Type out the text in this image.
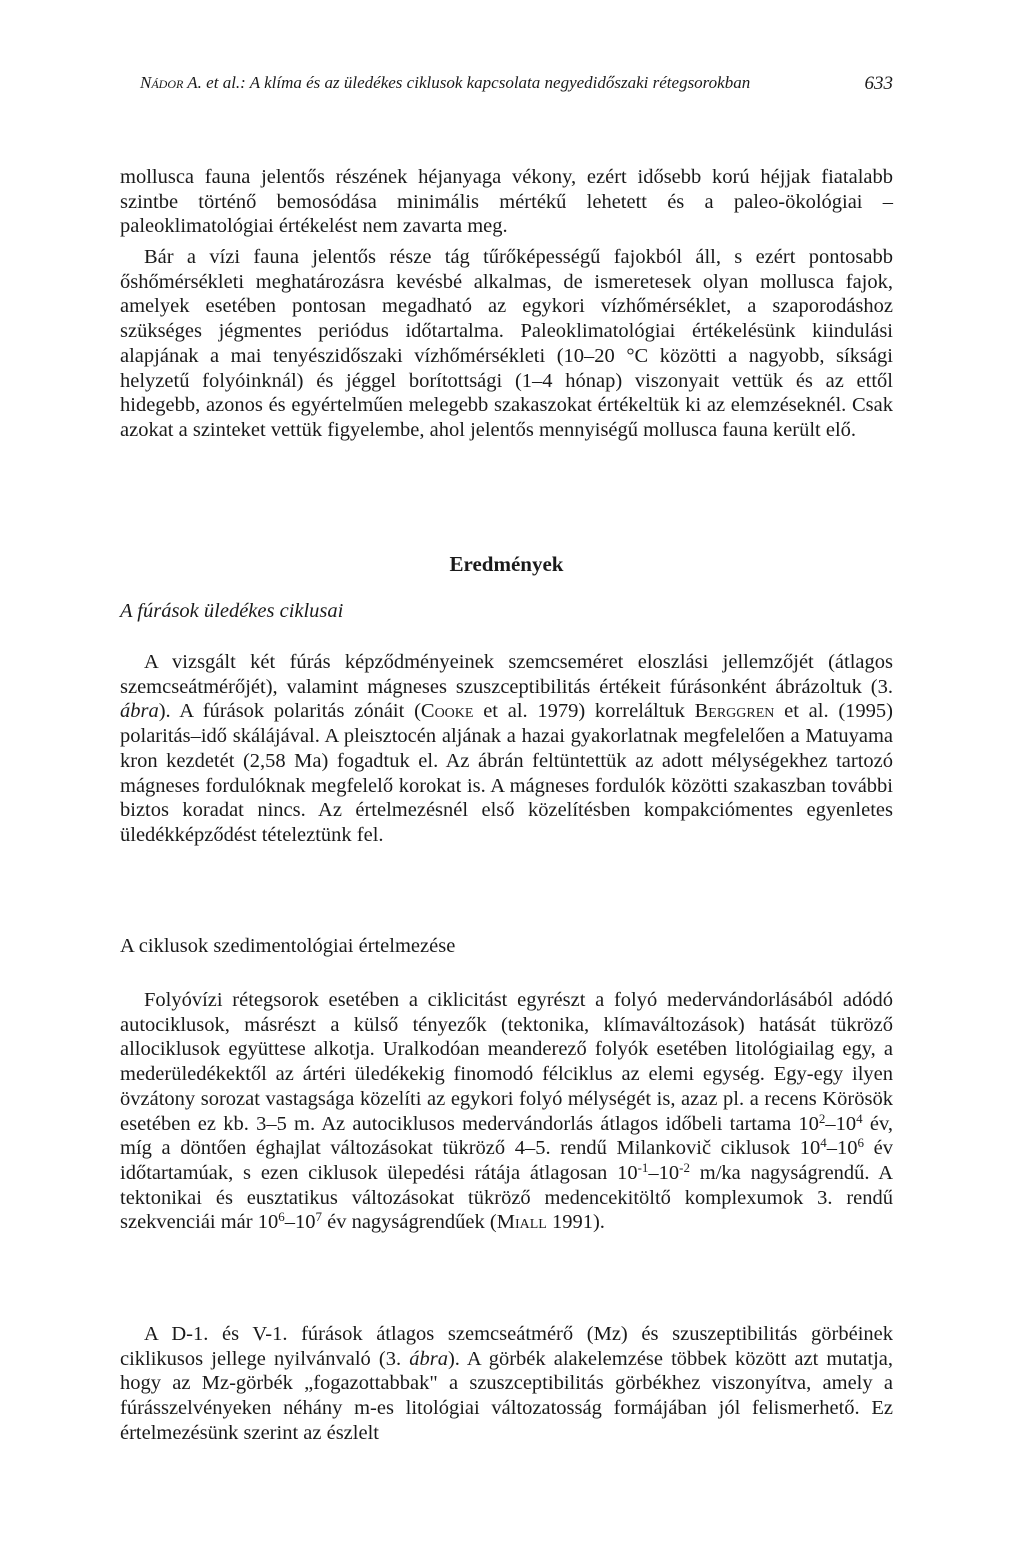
Nádor A. et al.: A klíma és az üledékes ciklusok kapcsolata negyedidőszaki rétegsorokban	633

mollusca fauna jelentős részének héjanyaga vékony, ezért idősebb korú héjjak fiatalabb szintbe történő bemosódása minimális mértékű lehetett és a paleo-ökológiai – paleoklimatológiai értékelést nem zavarta meg.

Bár a vízi fauna jelentős része tág tűrőképességű fajokból áll, s ezért pontosabb őshőmérsékleti meghatározásra kevésbé alkalmas, de ismeretesek olyan mollusca fajok, amelyek esetében pontosan megadható az egykori vízhőmérséklet, a szaporodáshoz szükséges jégmentes periódus időtartalma. Paleoklimatológiai értékelésünk kiindulási alapjának a mai tenyészidőszaki vízhőmérsékleti (10–20 °C közötti a nagyobb, síksági helyzetű folyóinknál) és jéggel borítottsági (1–4 hónap) viszonyait vettük és az ettől hidegebb, azonos és egyértelműen melegebb szakaszokat értékeltük ki az elemzéseknél. Csak azokat a szinteket vettük figyelembe, ahol jelentős mennyiségű mollusca fauna került elő.

Eredmények

A fúrások üledékes ciklusai

A vizsgált két fúrás képződményeinek szemcseméret eloszlási jellemzőjét (átlagos szemcseátmérőjét), valamint mágneses szuszceptibilitás értékeit fúrásonként ábrázoltuk (3. ábra). A fúrások polaritás zónáit (Cooke et al. 1979) korreláltuk Berggren et al. (1995) polaritás–idő skálájával. A pleisztocén aljának a hazai gyakorlatnak megfelelően a Matuyama kron kezdetét (2,58 Ma) fogadtuk el. Az ábrán feltüntettük az adott mélységekhez tartozó mágneses fordulóknak megfelelő korokat is. A mágneses fordulók közötti szakaszban további biztos koradat nincs. Az értelmezésnél első közelítésben kompakciómentes egyenletes üledékképződést tételeztünk fel.

A ciklusok szedimentológiai értelmezése

Folyóvízi rétegsorok esetében a ciklicitást egyrészt a folyó medervándorlásából adódó autociklusok, másrészt a külső tényezők (tektonika, klímaváltozások) hatását tükröző allociklusok együttese alkotja. Uralkodóan meanderező folyók esetében litológiailag egy, a mederüledékektől az ártéri üledékekig finomodó félciklus az elemi egység. Egy-egy ilyen övzátony sorozat vastagsága közelíti az egykori folyó mélységét is, azaz pl. a recens Körösök esetében ez kb. 3–5 m. Az autociklusos medervándorlás átlagos időbeli tartama $10^2-10^4$ év, míg a döntően éghajlat változásokat tükröző 4–5. rendű Milankovič ciklusok $10^4-10^6$ év időtartamúak, s ezen ciklusok ülepedési rátája átlagosan $10^{-1}-10^{-2}$ m/ka nagyságrendű. A tektonikai és eusztatikus változásokat tükröző medencekitöltő komplexumok 3. rendű szekvenciái már $10^6-10^7$ év nagyságrendűek (Miall 1991).

A D-1. és V-1. fúrások átlagos szemcseátmérő (Mz) és szuszeptibilitás görbéinek ciklikusos jellege nyilvánvaló (3. ábra). A görbék alakelemzése többek között azt mutatja, hogy az Mz-görbék „fogazottabbak" a szuszceptibilitás görbékhez viszonyítva, amely a fúrásszelvényeken néhány m-es litológiai változatosság formájában jól felismerhető. Ez értelmezésünk szerint az észlelt
